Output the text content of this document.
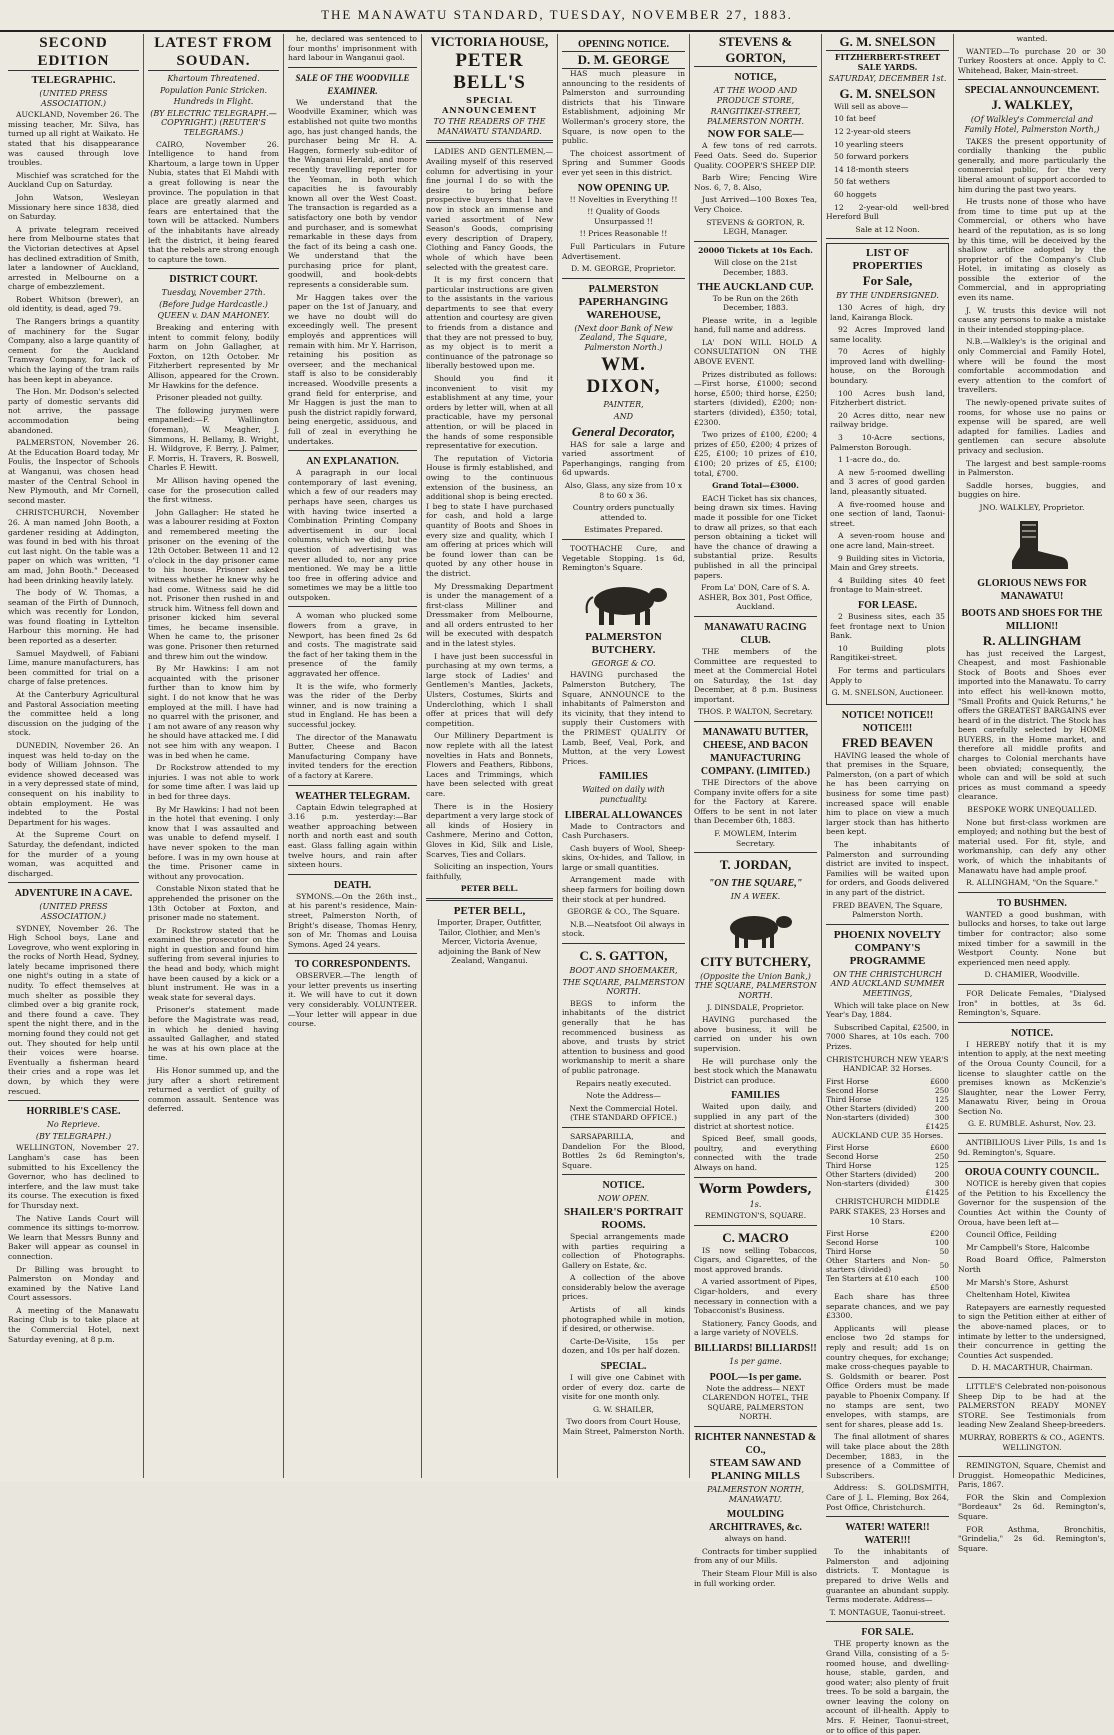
THE MANAWATU STANDARD, TUESDAY, NOVEMBER 27, 1883.
SECOND EDITION
TELEGRAPHIC.
(UNITED PRESS ASSOCIATION.)

AUCKLAND, November 26. The missing teacher, Mr. Silva, has turned up all right at Waikato. He stated that his disappearance was caused through love troubles.

Mischief was scratched for the Auckland Cup on Saturday.

John Watson, Wesleyan Missionary here since 1838, died on Saturday.

A private telegram received here from Melbourne states that the Victorian detectives at Apsel has declined extradition of Smith, later a landowner of Auckland, arrested in Melbourne on a charge of embezzlement.

Robert Whitson (brewer), an old identity, is dead, aged 79.

The Rangers brings a quantity of machinery for the Sugar Company, also a large quantity of cement for the Auckland Tramway Company, for lack of which the laying of the tram rails has been kept in abeyance.

The Hon. Mr. Dodson's selected party of domestic servants did not arrive, the passage accommodation being abandoned.

PALMERSTON, November 26. At the Education Board today, Mr Foulis, the Inspector of Schools at Wanganui, was chosen head master of the Central School in New Plymouth, and Mr Cornell, second master.

CHRISTCHURCH, November 26. A man named John Booth, a gardener residing at Addington, was found in bed with his throat cut last night. On the table was a paper on which was written, "I am mad, John Booth." Deceased had been drinking heavily lately.

The body of W. Thomas, a seaman of the Firth of Dunnoch, which was recently for London, was found floating in Lyttelton Harbour this morning. He had been reported as a deserter.

Samuel Maydwell, of Fabiani Lime, manure manufacturers, has been committed for trial on a charge of false pretences.

At the Canterbury Agricultural and Pastoral Association meeting the committee held a long discussion on the judging of the stock.

DUNEDIN, November 26. An inquest was held to-day on the body of William Johnson. The evidence showed deceased was in a very depressed state of mind, consequent on his inability to obtain employment. He was indebted to the Postal Department for his wages.

At the Supreme Court on Saturday, the defendant, indicted for the murder of a young woman, was acquitted and discharged.

ADVENTURE IN A CAVE.
(UNITED PRESS ASSOCIATION.)

SYDNEY, November 26. The High School boys, Lane and Lovegrove, who went exploring in the rocks of North Head, Sydney, lately became imprisoned there one night's outing in a state of nudity. To effect themselves at much shelter as possible they climbed over a big granite rock, and there found a cave. They spent the night there, and in the morning found they could not get out. They shouted for help until their voices were hoarse. Eventually a fisherman heard their cries and a rope was let down, by which they were rescued.

HORRIBLE'S CASE.
No Reprieve.
(BY TELEGRAPH.)

WELLINGTON, November 27. Langham's case has been submitted to his Excellency the Governor, who has declined to interfere, and the law must take its course. The execution is fixed for Thursday next.

The Native Lands Court will commence its sittings to-morrow. We learn that Messrs Bunny and Baker will appear as counsel in connection.

Dr Billing was brought to Palmerston on Monday and examined by the Native Land Court assessors.

A meeting of the Manawatu Racing Club is to take place at the Commercial Hotel, next Saturday evening, at 8 p.m.

LATEST FROM SOUDAN.
Khartoum Threatened.
Population Panic Stricken.
Hundreds in Flight.
(BY ELECTRIC TELEGRAPH.—COPYRIGHT.) (REUTER'S TELEGRAMS.)

CAIRO, November 26. Intelligence to hand from Khartoum, a large town in Upper Nubia, states that El Mahdi with a great following is near the province. The population in that place are greatly alarmed and fears are entertained that the town will be attacked. Numbers of the inhabitants have already left the district, it being feared that the rebels are strong enough to capture the town.

DISTRICT COURT.
Tuesday, November 27th.
(Before Judge Hardcastle.)
QUEEN v. DAN MAHONEY.

Breaking and entering with intent to commit felony, bodily harm on John Gallagher, at Foxton, on 12th October. Mr Fitzherbert represented by Mr Allison, appeared for the Crown. Mr Hawkins for the defence.

Prisoner pleaded not guilty.

The following jurymen were empanelled:—F. Wallington (foreman), W. Meagher, J. Simmons, H. Bellamy, B. Wright, H. Wildgrove, F. Berry, J. Palmer, F. Morris, H. Travers, R. Boswell, Charles F. Hewitt.

Mr Allison having opened the case for the prosecution called the first witness.

John Gallagher: He stated he was a labourer residing at Foxton and remembered meeting the prisoner on the evening of the 12th October. Between 11 and 12 o'clock in the day prisoner came to his house. Prisoner asked witness whether he knew why he had come. Witness said he did not. Prisoner then rushed in and struck him. Witness fell down and prisoner kicked him several times, he became insensible. When he came to, the prisoner was gone. Prisoner then returned and threw him out the window.

By Mr Hawkins: I am not acquainted with the prisoner further than to know him by sight. I do not know that he was employed at the mill. I have had no quarrel with the prisoner, and I am not aware of any reason why he should have attacked me. I did not see him with any weapon. I was in bed when he came.

Dr Rockstrow attended to my injuries. I was not able to work for some time after. I was laid up in bed for three days.

By Mr Hawkins: I had not been in the hotel that evening. I only know that I was assaulted and was unable to defend myself. I have never spoken to the man before. I was in my own house at the time. Prisoner came in without any provocation.

Constable Nixon stated that he apprehended the prisoner on the 13th October at Foxton, and prisoner made no statement.

Dr Rockstrow stated that he examined the prosecutor on the night in question and found him suffering from several injuries to the head and body, which might have been caused by a kick or a blunt instrument. He was in a weak state for several days.

Prisoner's statement made before the Magistrate was read, in which he denied having assaulted Gallagher, and stated he was at his own place at the time.

His Honor summed up, and the jury after a short retirement returned a verdict of guilty of common assault. Sentence was deferred.

he, declared was sentenced to four months' imprisonment with hard labour in Wanganui gaol.

SALE OF THE WOODVILLE EXAMINER.

We understand that the Woodville Examiner, which was established not quite two months ago, has just changed hands, the purchaser being Mr H. A. Haggen, formerly sub-editor of the Wanganui Herald, and more recently travelling reporter for the Yeoman, in both which capacities he is favourably known all over the West Coast. The transaction is regarded as a satisfactory one both by vendor and purchaser, and is somewhat remarkable in these days from the fact of its being a cash one. We understand that the purchasing price for plant, goodwill, and book-debts represents a considerable sum.

Mr Haggen takes over the paper on the 1st of January, and we have no doubt will do exceedingly well. The present employés and apprentices will remain with him. Mr Y. Harrison, retaining his position as overseer, and the mechanical staff is also to be considerably increased. Woodville presents a grand field for enterprise, and Mr Haggen is just the man to push the district rapidly forward, being energetic, assiduous, and full of zeal in everything he undertakes.

AN EXPLANATION.

A paragraph in our local contemporary of last evening, which a few of our readers may perhaps have seen, charges us with having twice inserted a Combination Printing Company advertisement in our local columns, which we did, but the question of advertising was never alluded to, nor any price mentioned. We may be a little too free in offering advice and sometimes we may be a little too outspoken.

A woman who plucked some flowers from a grave, in Newport, has been fined 2s 6d and costs. The magistrate said the fact of her taking them in the presence of the family aggravated her offence.

It is the wife, who formerly was the rider of the Derby winner, and is now training a stud in England. He has been a successful jockey.

The director of the Manawatu Butter, Cheese and Bacon Manufacturing Company have invited tenders for the erection of a factory at Karere.

WEATHER TELEGRAM.

Captain Edwin telegraphed at 3.16 p.m. yesterday:—Bar weather approaching between north and north east and south east. Glass falling again within twelve hours, and rain after sixteen hours.

DEATH.

SYMONS.—On the 26th inst., at his parent's residence, Main-street, Palmerston North, of Bright's disease, Thomas Henry, son of Mr. Thomas and Louisa Symons. Aged 24 years.

TO CORRESPONDENTS.

OBSERVER.—The length of your letter prevents us inserting it. We will have to cut it down very considerably. VOLUNTEER.—Your letter will appear in due course.

VICTORIA HOUSE,
PETER BELL'S
SPECIAL ANNOUNCEMENT
TO THE READERS OF THE MANAWATU STANDARD.

LADIES AND GENTLEMEN,— Availing myself of this reserved column for advertising in your fine journal I do so with the desire to bring before prospective buyers that I have now in stock an immense and varied assortment of New Season's Goods, comprising every description of Drapery, Clothing and Fancy Goods, the whole of which have been selected with the greatest care.

It is my first concern that particular instructions are given to the assistants in the various departments to see that every attention and courtesy are given to friends from a distance and that they are not pressed to buy, as my object is to merit a continuance of the patronage so liberally bestowed upon me.

Should you find it inconvenient to visit my establishment at any time, your orders by letter will, when at all practicable, have my personal attention, or will be placed in the hands of some responsible representative for execution.

The reputation of Victoria House is firmly established, and owing to the continuous extension of the business, an additional shop is being erected. I beg to state I have purchased for cash, and hold a large quantity of Boots and Shoes in every size and quality, which I am offering at prices which will be found lower than can be quoted by any other house in the district.

My Dressmaking Department is under the management of a first-class Milliner and Dressmaker from Melbourne, and all orders entrusted to her will be executed with despatch and in the latest styles.

I have just been successful in purchasing at my own terms, a large stock of Ladies' and Gentlemen's Mantles, Jackets, Ulsters, Costumes, Skirts and Underclothing, which I shall offer at prices that will defy competition.

Our Millinery Department is now replete with all the latest novelties in Hats and Bonnets, Flowers and Feathers, Ribbons, Laces and Trimmings, which have been selected with great care.

There is in the Hosiery department a very large stock of all kinds of Hosiery in Cashmere, Merino and Cotton, Gloves in Kid, Silk and Lisle, Scarves, Ties and Collars.

Soliciting an inspection, Yours faithfully,

PETER BELL.

PETER BELL,

Importer, Draper, Outfitter, Tailor, Clothier, and Men's Mercer, Victoria Avenue, adjoining the Bank of New Zealand, Wanganui.

OPENING NOTICE.
D. M. GEORGE

HAS much pleasure in announcing to the residents of Palmerston and surrounding districts that his Tinware Establishment, adjoining Mr Wollerman's grocery store, the Square, is now open to the public.

The choicest assortment of Spring and Summer Goods ever yet seen in this district.

NOW OPENING UP.

!! Novelties in Everything !!

!! Quality of Goods Unsurpassed !!

!! Prices Reasonable !!

Full Particulars in Future Advertisement.

D. M. GEORGE, Proprietor.

PALMERSTON
PAPERHANGING WAREHOUSE,
(Next door Bank of New Zealand, The Square, Palmerston North.)
WM. DIXON,
PAINTER,
AND
General Decorator,

HAS for sale a large and varied assortment of Paperhangings, ranging from 6d upwards.

Also, Glass, any size from 10 x 8 to 60 x 36.

Country orders punctually attended to.

Estimates Prepared.

TOOTHACHE Cure, and Vegetable Stopping. 1s 6d, Remington's Square.

PALMERSTON BUTCHERY.
GEORGE & CO.

HAVING purchased the Palmerston Butchery, The Square, ANNOUNCE to the inhabitants of Palmerston and its vicinity, that they intend to supply their Customers with the PRIMEST QUALITY Of Lamb, Beef, Veal, Pork, and Mutton, at the very Lowest Prices.

FAMILIES
Waited on daily with punctuality.
LIBERAL ALLOWANCES

Made to Contractors and Cash Purchasers.

Cash buyers of Wool, Sheep-skins, Ox-hides, and Tallow, in large or small quantities.

Arrangement made with sheep farmers for boiling down their stock at per hundred.

GEORGE & CO., The Square.

N.B.—Neatsfoot Oil always in stock.

C. S. GATTON,
BOOT AND SHOEMAKER,
THE SQUARE, PALMERSTON NORTH.

BEGS to inform the inhabitants of the district generally that he has recommenced business as above, and trusts by strict attention to business and good workmanship to merit a share of public patronage.

Repairs neatly executed.

Note the Address—

Next the Commercial Hotel. (THE STANDARD OFFICE.)

SARSAPARILLA, and Dandelion For the Blood, Bottles 2s 6d Remington's, Square.

NOTICE.
NOW OPEN.
SHAILER'S PORTRAIT ROOMS.

Special arrangements made with parties requiring a collection of Photographs. Gallery on Estate, &c.

A collection of the above considerably below the average prices.

Artists of all kinds photographed while in motion, if desired, or otherwise.

Carte-De-Visite, 15s per dozen, and 10s per half dozen.

SPECIAL.

I will give one Cabinet with order of every doz. carte de visite for one month only.

G. W. SHAILER,

Two doors from Court House, Main Street, Palmerston North.

STEVENS & GORTON,
NOTICE,
AT THE WOOD AND PRODUCE STORE,
RANGITIKEI-STREET, PALMERSTON NORTH.
NOW FOR SALE—

A few tons of red carrots. Feed Oats. Seed do. Superior Quality. COOPER'S SHEEP DIP.

Barb Wire; Fencing Wire Nos. 6, 7, 8. Also,

Just Arrived—100 Boxes Tea, Very Choice.

STEVENS & GORTON, R. LEGH, Manager.

20000 Tickets at 10s Each.

Will close on the 21st December, 1883.

THE AUCKLAND CUP.

To be Run on the 26th December, 1883.

Please write, in a legible hand, full name and address.

LA' DON WILL HOLD A CONSULTATION ON THE ABOVE EVENT.

Prizes distributed as follows:—First horse, £1000; second horse, £500; third horse, £250; starters (divided), £200; non-starters (divided), £350; total, £2300.

Two prizes of £100, £200; 4 prizes of £50, £200; 4 prizes of £25, £100; 10 prizes of £10, £100; 20 prizes of £5, £100; total, £700.

Grand Total—£3000.

EACH Ticket has six chances, being drawn six times. Having made it possible for one Ticket to draw all prizes, so that each person obtaining a ticket will have the chance of drawing a substantial prize. Results published in all the principal papers.

From La' DON, Care of S. A. ASHER, Box 301, Post Office, Auckland.

MANAWATU RACING CLUB.

THE members of the Committee are requested to meet at the Commercial Hotel on Saturday, the 1st day December, at 8 p.m. Business important.

THOS. P. WALTON, Secretary.

MANAWATU BUTTER, CHEESE, AND BACON MANUFACTURING COMPANY. (LIMITED.)

THE Directors of the above Company invite offers for a site for the Factory at Karere. Offers to be sent in not later than December 6th, 1883.

F. MOWLEM, Interim Secretary.

T. JORDAN,
"ON THE SQUARE,"
IN A WEEK.
CITY BUTCHERY,
(Opposite the Union Bank,) THE SQUARE, PALMERSTON NORTH.

J. DINSDALE, Proprietor.

HAVING purchased the above business, it will be carried on under his own supervision.

He will purchase only the best stock which the Manawatu District can produce.

FAMILIES

Waited upon daily, and supplied in any part of the district at shortest notice.

Spiced Beef, small goods, poultry, and everything connected with the trade Always on hand.

Worm Powders,
1s.

REMINGTON'S, SQUARE.

C. MACRO

IS now selling Tobaccos, Cigars, and Cigarettes, of the most approved brands.

A varied assortment of Pipes, Cigar-holders, and every necessary in connection with a Tobacconist's Business.

Stationery, Fancy Goods, and a large variety of NOVELS.

BILLIARDS! BILLIARDS!!
1s per game.
POOL—1s per game.

Note the address— NEXT CLARENDON HOTEL, THE SQUARE, PALMERSTON NORTH.

RICHTER NANNESTAD & CO.,
STEAM SAW AND PLANING MILLS
PALMERSTON NORTH, MANAWATU.
MOULDING ARCHITRAVES, &c.

always on hand.

Contracts for timber supplied from any of our Mills.

Their Steam Flour Mill is also in full working order.

G. M. SNELSON
FITZHERBERT-STREET SALE YARDS.
SATURDAY, DECEMBER 1st.
G. M. SNELSON

Will sell as above—

10 fat beef

12 2-year-old steers

10 yearling steers

50 forward porkers

14 18-month steers

50 fat wethers

60 hoggets

12 2-year-old well-bred Hereford Bull

Sale at 12 Noon.

LIST OF PROPERTIES
For Sale,
BY THE UNDERSIGNED.

130 Acres of high, dry land, Kairanga Block.

92 Acres Improved land same locality.

70 Acres of highly improved land with dwelling-house, on the Borough boundary.

100 Acres bush land, Fitzherbert district.

20 Acres ditto, near new railway bridge.

3 10-Acre sections, Palmerston Borough.

1 1-acre do., do.

A new 5-roomed dwelling and 3 acres of good garden land, pleasantly situated.

A five-roomed house and one section of land, Taonui-street.

A seven-room house and one acre land, Main-street.

9 Building sites in Victoria, Main and Grey streets.

4 Building sites 40 feet frontage to Main-street.

FOR LEASE.

2 Business sites, each 35 feet frontage next to Union Bank.

10 Building plots Rangitikei-street.

For terms and particulars Apply to

G. M. SNELSON, Auctioneer.

NOTICE! NOTICE!! NOTICE!!!
FRED BEAVEN

HAVING leased the whole of that premises in the Square, Palmerston, (on a part of which he has been carrying on business for some time past) increased space will enable him to place on view a much larger stock than has hitherto been kept.

The inhabitants of Palmerston and surrounding district are invited to inspect. Families will be waited upon for orders, and Goods delivered in any part of the district.

FRED BEAVEN, The Square, Palmerston North.

PHOENIX NOVELTY COMPANY'S PROGRAMME
ON THE CHRISTCHURCH AND AUCKLAND SUMMER MEETINGS,

Which will take place on New Year's Day, 1884.

Subscribed Capital, £2500, in 7000 Shares, at 10s each. 700 Prizes.

CHRISTCHURCH NEW YEAR'S HANDICAP. 32 Horses.

First Horse	£600
Second Horse	250
Third Horse	125
Other Starters (divided)	200
Non-starters (divided)	300
	£1425

AUCKLAND CUP. 35 Horses.

First Horse	£600
Second Horse	250
Third Horse	125
Other Starters (divided)	200
Non-starters (divided)	300
	£1425

CHRISTCHURCH MIDDLE PARK STAKES, 23 Horses and 10 Stars.

First Horse	£200
Second Horse	100
Third Horse	50
Other Starters and Non-starters (divided)	50
Ten Starters at £10 each	100
	£500

Each share has three separate chances, and we pay £3300.

Applicants will please enclose two 2d stamps for reply and result; add 1s on country cheques, for exchange; make cross-cheques payable to S. Goldsmith or bearer. Post Office Orders must be made payable to Phoenix Company. If no stamps are sent, two envelopes, with stamps, are sent for shares, please add 1s.

The final allotment of shares will take place about the 28th December, 1883, in the presence of a Committee of Subscribers.

Address: S. GOLDSMITH, Care of J. L. Fleming, Box 264, Post Office, Christchurch.

WATER! WATER!! WATER!!!

To the inhabitants of Palmerston and adjoining districts. T. Montague is prepared to drive Wells and guarantee an abundant supply. Terms moderate. Address—

T. MONTAGUE, Taonui-street.

FOR SALE.

THE property known as the Grand Villa, consisting of a 5-roomed house, and dwelling-house, stable, garden, and good water; also plenty of fruit trees. To be sold a bargain, the owner leaving the colony on account of ill-health. Apply to Mrs. F. Heiner, Taonui-street, or to office of this paper.

wanted.

WANTED—To purchase 20 or 30 Turkey Roosters at once. Apply to C. Whitehead, Baker, Main-street.

SPECIAL ANNOUNCEMENT.
J. WALKLEY,
(Of Walkley's Commercial and Family Hotel, Palmerston North,)

TAKES the present opportunity of cordially thanking the public generally, and more particularly the commercial public, for the very liberal amount of support accorded to him during the past two years.

He trusts none of those who have from time to time put up at the Commercial, or others who have heard of the reputation, as is so long by this time, will be deceived by the shallow artifice adopted by the proprietor of the Company's Club Hotel, in imitating as closely as possible the exterior of the Commercial, and in appropriating even its name.

J. W. trusts this device will not cause any persons to make a mistake in their intended stopping-place.

N.B.—Walkley's is the original and only Commercial and Family Hotel, where will be found the most comfortable accommodation and every attention to the comfort of travellers.

The newly-opened private suites of rooms, for whose use no pains or expense will be spared, are well adapted for families. Ladies and gentlemen can secure absolute privacy and seclusion.

The largest and best sample-rooms in Palmerston.

Saddle horses, buggies, and buggies on hire.

JNO. WALKLEY, Proprietor.

GLORIOUS NEWS FOR MANAWATU!
BOOTS AND SHOES FOR THE MILLION!!
R. ALLINGHAM

has just received the Largest, Cheapest, and most Fashionable Stock of Boots and Shoes ever imported into the Manawatu. To carry into effect his well-known motto, "Small Profits and Quick Returns," he offers the GREATEST BARGAINS ever heard of in the district. The Stock has been carefully selected by HOME BUYERS, in the Home market, and therefore all middle profits and charges to Colonial merchants have been obviated; consequently, the whole can and will be sold at such prices as must command a speedy clearance.

BESPOKE WORK UNEQUALLED.

None but first-class workmen are employed; and nothing but the best of material used. For fit, style, and workmanship, can defy any other work, of which the inhabitants of Manawatu have had ample proof.

R. ALLINGHAM, "On the Square."

TO BUSHMEN.

WANTED a good bushman, with bullocks and horses, to take out large timber for contractor; also some mixed timber for a sawmill in the Westport County. None but experienced men need apply.

D. CHAMIER, Woodville.

FOR Delicate Females, "Dialysed Iron" in bottles, at 3s 6d. Remington's, Square.

NOTICE.

I HEREBY notify that it is my intention to apply, at the next meeting of the Oroua County Council, for a license to slaughter cattle on the premises known as McKenzie's Slaughter, near the Lower Ferry, Manawatu River, being in Oroua Section No.

G. E. RUMBLE. Ashurst, Nov. 23.

ANTIBILIOUS Liver Pills, 1s and 1s 9d. Remington's, Square.

OROUA COUNTY COUNCIL.

NOTICE is hereby given that copies of the Petition to his Excellency the Governor for the suspension of the Counties Act within the County of Oroua, have been left at—

Council Office, Feilding

Mr Campbell's Store, Halcombe

Road Board Office, Palmerston North

Mr Marsh's Store, Ashurst

Cheltenham Hotel, Kiwitea

Ratepayers are earnestly requested to sign the Petition either at either of the above-named places, or to intimate by letter to the undersigned, their concurrence in getting the Counties Act suspended.

D. H. MACARTHUR, Chairman.

LITTLE'S Celebrated non-poisonous Sheep Dip to be had at the PALMERSTON READY MONEY STORE. See Testimonials from leading New Zealand Sheep-breeders.

MURRAY, ROBERTS & CO., AGENTS. WELLINGTON.

REMINGTON, Square, Chemist and Druggist. Homeopathic Medicines, Paris, 1867.

FOR the Skin and Complexion "Bordeaux" 2s 6d. Remington's, Square.

FOR Asthma, Bronchitis, "Grindelia," 2s 6d. Remington's, Square.
